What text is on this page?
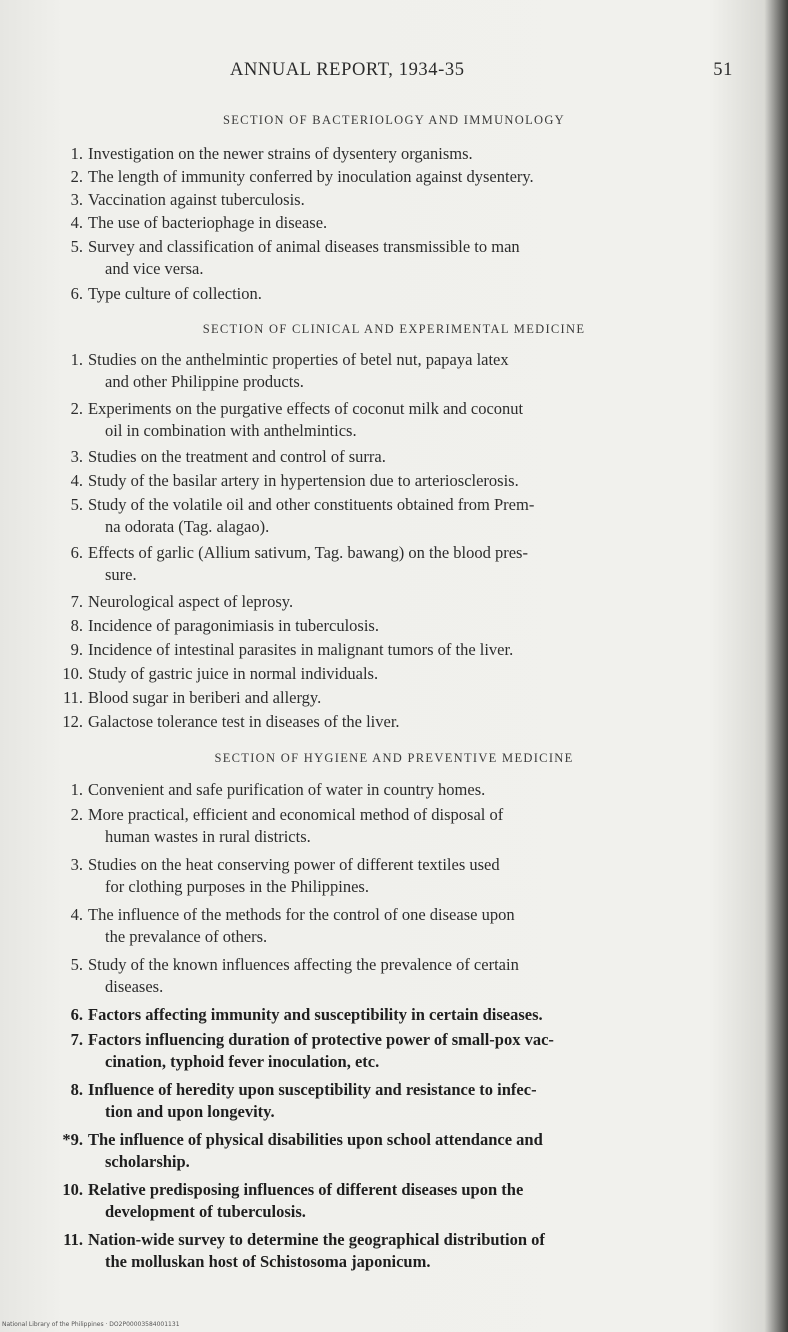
ANNUAL REPORT, 1934-35	51
SECTION OF BACTERIOLOGY AND IMMUNOLOGY
1. Investigation on the newer strains of dysentery organisms.
2. The length of immunity conferred by inoculation against dysentery.
3. Vaccination against tuberculosis.
4. The use of bacteriophage in disease.
5. Survey and classification of animal diseases transmissible to man
and vice versa.
6. Type culture of collection.
SECTION OF CLINICAL AND EXPERIMENTAL MEDICINE
1. Studies on the anthelmintic properties of betel nut, papaya latex
and other Philippine products.
2. Experiments on the purgative effects of coconut milk and coconut
oil in combination with anthelmintics.
3. Studies on the treatment and control of surra.
4. Study of the basilar artery in hypertension due to arteriosclerosis.
5. Study of the volatile oil and other constituents obtained from Prem-
na odorata (Tag. alagao).
6. Effects of garlic (Allium sativum, Tag. bawang) on the blood pres-
sure.
7. Neurological aspect of leprosy.
8. Incidence of paragonimiasis in tuberculosis.
9. Incidence of intestinal parasites in malignant tumors of the liver.
10. Study of gastric juice in normal individuals.
11. Blood sugar in beriberi and allergy.
12. Galactose tolerance test in diseases of the liver.
SECTION OF HYGIENE AND PREVENTIVE MEDICINE
1. Convenient and safe purification of water in country homes.
2. More practical, efficient and economical method of disposal of
human wastes in rural districts.
3. Studies on the heat conserving power of different textiles used
for clothing purposes in the Philippines.
4. The influence of the methods for the control of one disease upon
the prevalance of others.
5. Study of the known influences affecting the prevalence of certain
diseases.
6. Factors affecting immunity and susceptibility in certain diseases.
7. Factors influencing duration of protective power of small-pox vac-
cination, typhoid fever inoculation, etc.
8. Influence of heredity upon susceptibility and resistance to infec-
tion and upon longevity.
*9. The influence of physical disabilities upon school attendance and
scholarship.
10. Relative predisposing influences of different diseases upon the
development of tuberculosis.
11. Nation-wide survey to determine the geographical distribution of
the molluskan host of Schistosoma japonicum.
National Library of the Philippines · DO2P00003584001131
